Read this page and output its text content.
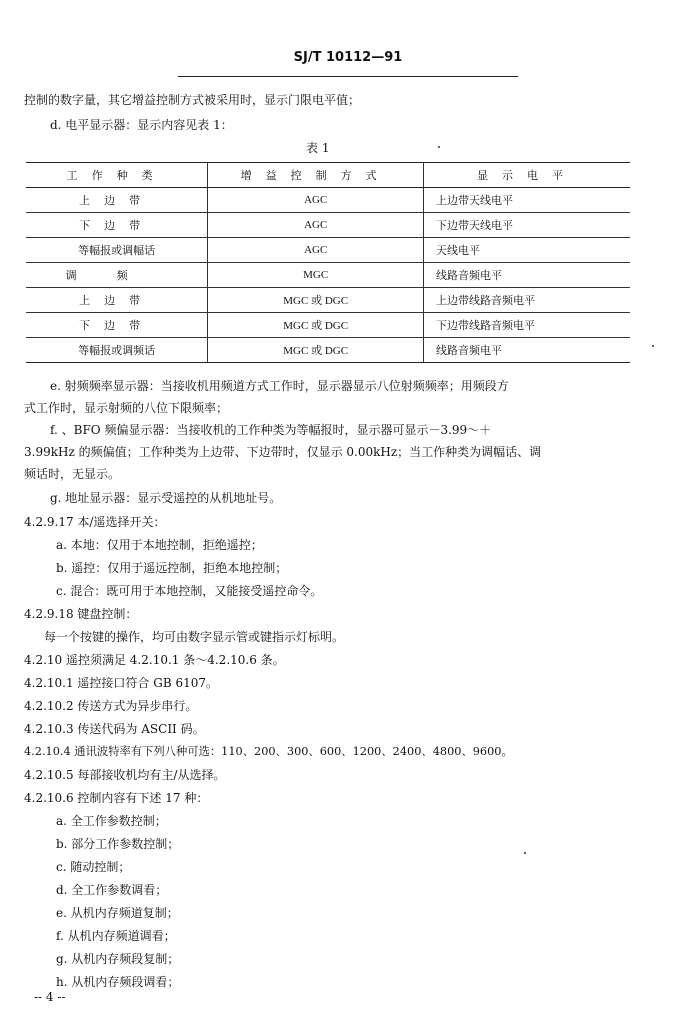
SJ/T 10112—91
控制的数字量，其它增益控制方式被采用时，显示门限电平值；
d. 电平显示器：显示内容见表 1：
表 1
工作种类	增益控制方式	显示电平
上边带	AGC	上边带天线电平
下边带	AGC	下边带天线电平
等幅报或调幅话	AGC	天线电平
调频	MGC	线路音频电平
上边带	MGC 或 DGC	上边带线路音频电平
下边带	MGC 或 DGC	下边带线路音频电平
等幅报或调频话	MGC 或 DGC	线路音频电平
e. 射频频率显示器：当接收机用频道方式工作时，显示器显示八位射频频率；用频段方
式工作时，显示射频的八位下限频率；
f. 、BFO 频偏显示器：当接收机的工作种类为等幅报时，显示器可显示－3.99～＋
3.99kHz 的频偏值；工作种类为上边带、下边带时，仅显示 0.00kHz；当工作种类为调幅话、调
频话时，无显示。
g. 地址显示器：显示受遥控的从机地址号。
4.2.9.17 本/遥选择开关：
a. 本地：仅用于本地控制，拒绝遥控；
b. 遥控：仅用于遥远控制，拒绝本地控制；
c. 混合：既可用于本地控制，又能接受遥控命令。
4.2.9.18 键盘控制：
每一个按键的操作，均可由数字显示管或键指示灯标明。
4.2.10 遥控须满足 4.2.10.1 条～4.2.10.6 条。
4.2.10.1 遥控接口符合 GB 6107。
4.2.10.2 传送方式为异步串行。
4.2.10.3 传送代码为 ASCII 码。
4.2.10.4 通讯波特率有下列八种可选：110、200、300、600、1200、2400、4800、9600。
4.2.10.5 每部接收机均有主/从选择。
4.2.10.6 控制内容有下述 17 种：
a. 全工作参数控制；
b. 部分工作参数控制；
c. 随动控制；
d. 全工作参数调看；
e. 从机内存频道复制；
f. 从机内存频道调看；
g. 从机内存频段复制；
h. 从机内存频段调看；
-- 4 --
